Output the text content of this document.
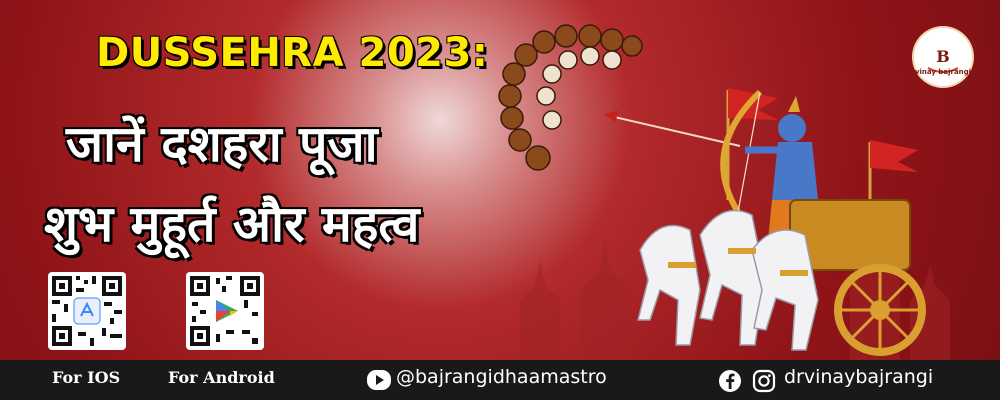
DUSSEHRA 2023:
जानें दशहरा पूजा
शुभ मुहूर्त और महत्व
B
vinay bajrangi
For IOS	For Android	@bajrangidhaamastro	drvinaybajrangi
